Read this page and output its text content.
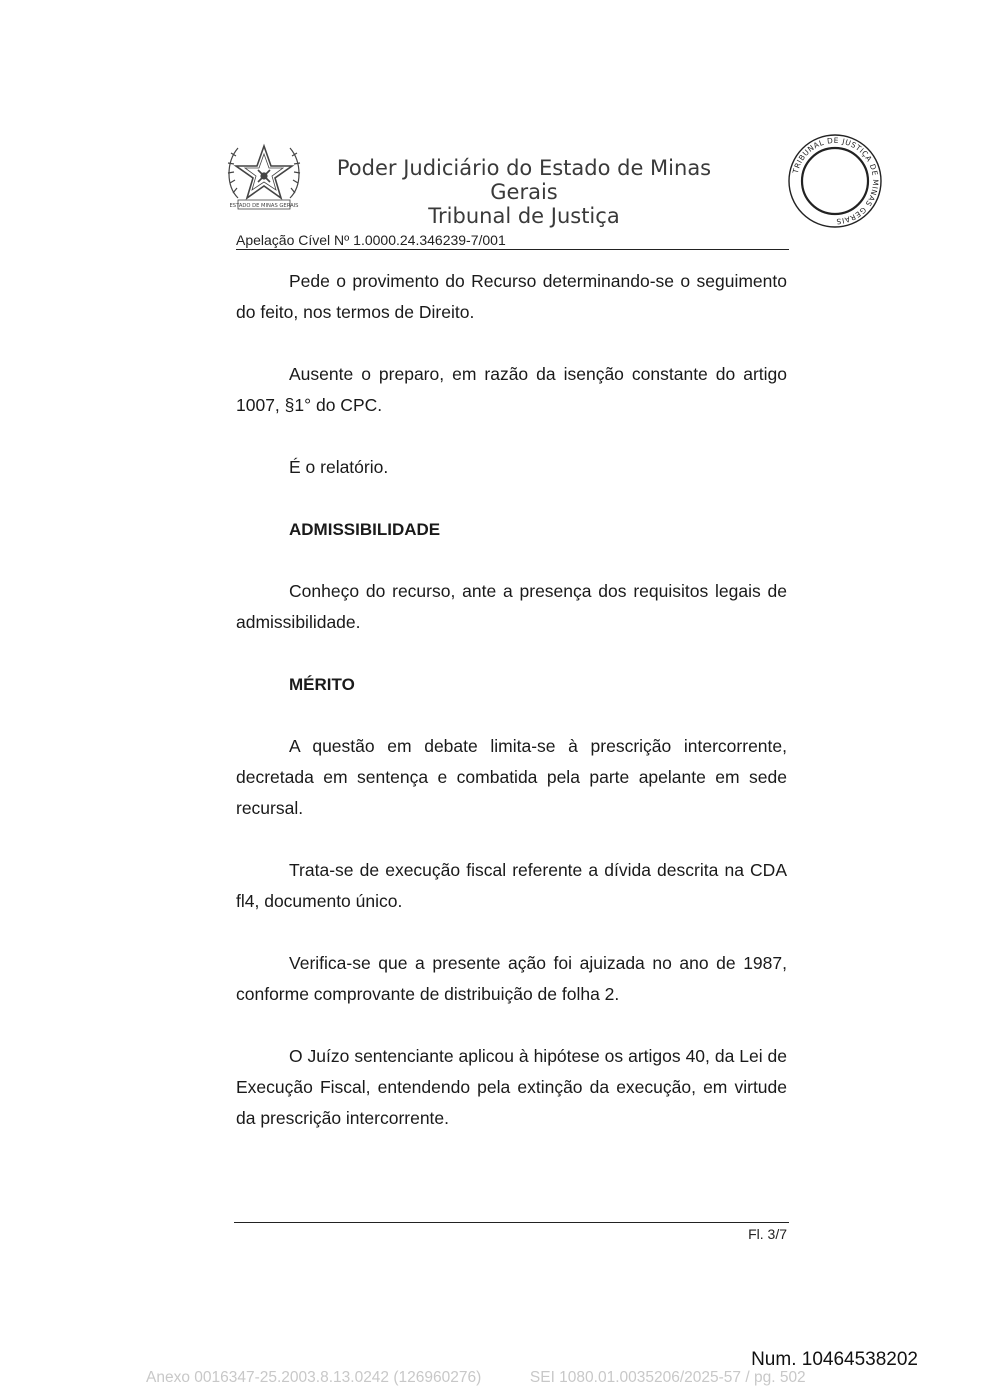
ESTADO DE MINAS GERAIS
Poder Judiciário do Estado de Minas Gerais
Tribunal de Justiça
TRIBUNAL DE JUSTIÇA DE MINAS GERAIS
Apelação Cível Nº 1.0000.24.346239-7/001

Pede o provimento do Recurso determinando-se o seguimento do feito, nos termos de Direito.

Ausente o preparo, em razão da isenção constante do artigo 1007, §1° do CPC.

É o relatório.

ADMISSIBILIDADE

Conheço do recurso, ante a presença dos requisitos legais de admissibilidade.

MÉRITO

A questão em debate limita-se à prescrição intercorrente, decretada em sentença e combatida pela parte apelante em sede recursal.

Trata-se de execução fiscal referente a dívida descrita na CDA fl4, documento único.

Verifica-se que a presente ação foi ajuizada no ano de 1987, conforme comprovante de distribuição de folha 2.

O Juízo sentenciante aplicou à hipótese os artigos 40, da Lei de Execução Fiscal, entendendo pela extinção da execução, em virtude da prescrição intercorrente.

Fl. 3/7
Num. 10464538202
Anexo 0016347-25.2003.8.13.0242 (126960276)	SEI 1080.01.0035206/2025-57 / pg. 502
